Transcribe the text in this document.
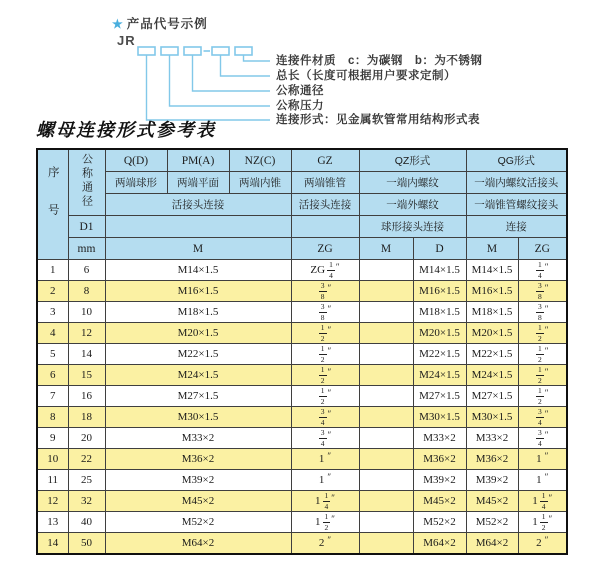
★ 产品代号示例
JR
连接件材质　c：为碳钢　b：为不锈钢
总长（长度可根据用户要求定制）
公称通径
公称压力
连接形式：见金属软管常用结构形式表
螺母连接形式参考表
序号	公称通径	Q(D)	PM(A)	NZ(C)	GZ	QZ形式		QG形式	
		两端球形	两端平面	两端内锥	两端锥管	一端内螺纹		一端内螺纹活接头	
		活接头连接			活接头连接	一端外螺纹		一端锥管螺纹接头	
	D1					球形接头连接		连接	
	mm	M			ZG	M	D	M	ZG
1	6	M14×1.5			ZG $\frac{1}{4} ''$		M14×1.5	M14×1.5	$\frac{1}{4} ''$
2	8	M16×1.5			$\frac{3}{8} ''$		M16×1.5	M16×1.5	$\frac{3}{8} ''$
3	10	M18×1.5			$\frac{3}{8} ''$		M18×1.5	M18×1.5	$\frac{3}{8} ''$
4	12	M20×1.5			$\frac{1}{2} ''$		M20×1.5	M20×1.5	$\frac{1}{2} ''$
5	14	M22×1.5			$\frac{1}{2} ''$		M22×1.5	M22×1.5	$\frac{1}{2} ''$
6	15	M24×1.5			$\frac{1}{2} ''$		M24×1.5	M24×1.5	$\frac{1}{2} ''$
7	16	M27×1.5			$\frac{1}{2} ''$		M27×1.5	M27×1.5	$\frac{1}{2} ''$
8	18	M30×1.5			$\frac{3}{4} ''$		M30×1.5	M30×1.5	$\frac{3}{4} ''$
9	20	M33×2			$\frac{3}{4} ''$		M33×2	M33×2	$\frac{3}{4} ''$
10	22	M36×2			1 ″		M36×2	M36×2	1 ″
11	25	M39×2			1 ″		M39×2	M39×2	1 ″
12	32	M45×2			$1 \frac{1}{4} ''$		M45×2	M45×2	$1 \frac{1}{4} ''$
13	40	M52×2			$1 \frac{1}{2} ''$		M52×2	M52×2	$1 \frac{1}{2} ''$
14	50	M64×2			2 ″		M64×2	M64×2	2 ″
